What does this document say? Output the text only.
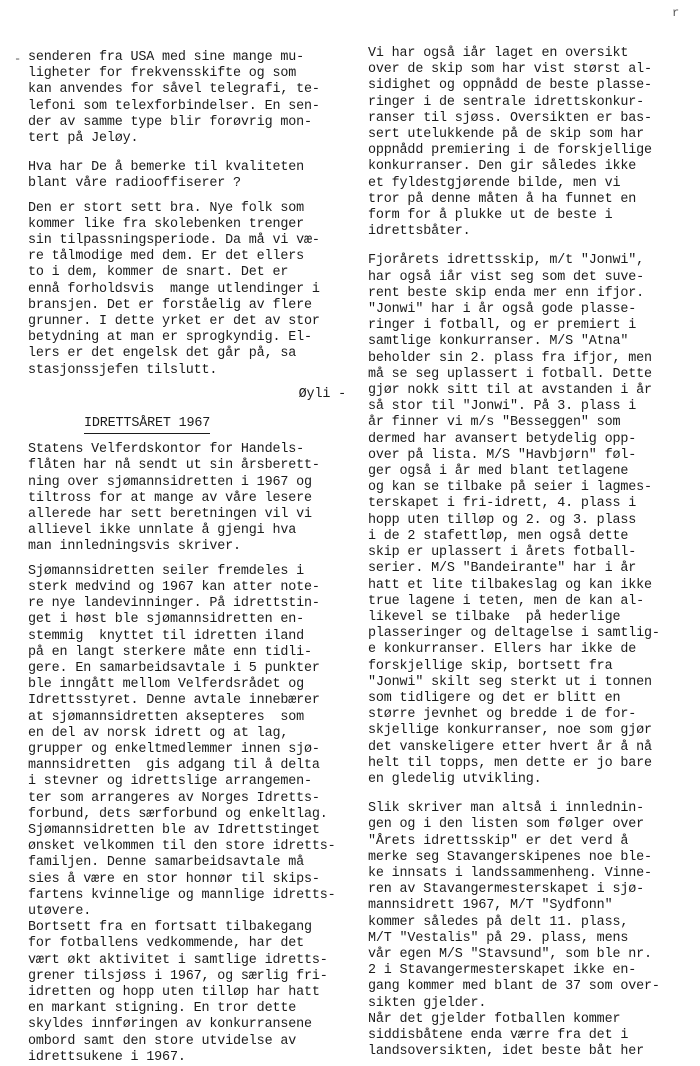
-
r

senderen fra USA med sine mange mu-
ligheter for frekvensskifte og som
kan anvendes for såvel telegrafi, te-
lefoni som telexforbindelser. En sen-
der av samme type blir forøvrig mon-
tert på Jeløy.

Hva har De å bemerke til kvaliteten
blant våre radiooffiserer ?

Den er stort sett bra. Nye folk som
kommer like fra skolebenken trenger
sin tilpassningsperiode. Da må vi væ-
re tålmodige med dem. Er det ellers
to i dem, kommer de snart. Det er
ennå forholdsvis  mange utlendinger i
bransjen. Det er forståelig av flere
grunner. I dette yrket er det av stor
betydning at man er sprogkyndig. El-
lers er det engelsk det går på, sa
stasjonssjefen tilslutt.

Øyli -

IDRETTSÅRET 1967

Statens Velferdskontor for Handels-
flåten har nå sendt ut sin årsberett-
ning over sjømannsidretten i 1967 og
tiltross for at mange av våre lesere
allerede har sett beretningen vil vi
allievel ikke unnlate å gjengi hva
man innledningsvis skriver.

Sjømannsidretten seiler fremdeles i
sterk medvind og 1967 kan atter note-
re nye landevinninger. På idrettstin-
get i høst ble sjømannsidretten en-
stemmig  knyttet til idretten iland
på en langt sterkere måte enn tidli-
gere. En samarbeidsavtale i 5 punkter
ble inngått mellom Velferdsrådet og
Idrettsstyret. Denne avtale innebærer
at sjømannsidretten aksepteres  som
en del av norsk idrett og at lag,
grupper og enkeltmedlemmer innen sjø-
mannsidretten  gis adgang til å delta
i stevner og idrettslige arrangemen-
ter som arrangeres av Norges Idretts-
forbund, dets særforbund og enkeltlag.
Sjømannsidretten ble av Idrettstinget
ønsket velkommen til den store idretts-
familjen. Denne samarbeidsavtale må
sies å være en stor honnør til skips-
fartens kvinnelige og mannlige idretts-
utøvere.

Bortsett fra en fortsatt tilbakegang
for fotballens vedkommende, har det
vært økt aktivitet i samtlige idretts-
grener tilsjøss i 1967, og særlig fri-
idretten og hopp uten tilløp har hatt
en markant stigning. En tror dette
skyldes innføringen av konkurransene
ombord samt den store utvidelse av
idrettsukene i 1967.

Vi har også iår laget en oversikt
over de skip som har vist størst al-
sidighet og oppnådd de beste plasse-
ringer i de sentrale idrettskonkur-
ranser til sjøss. Oversikten er bas-
sert utelukkende på de skip som har
oppnådd premiering i de forskjellige
konkurranser. Den gir således ikke
et fyldestgjørende bilde, men vi
tror på denne måten å ha funnet en
form for å plukke ut de beste i
idrettsbåter.

Fjorårets idrettsskip, m/t "Jonwi",
har også iår vist seg som det suve-
rent beste skip enda mer enn ifjor.
"Jonwi" har i år også gode plasse-
ringer i fotball, og er premiert i
samtlige konkurranser. M/S "Atna"
beholder sin 2. plass fra ifjor, men
må se seg uplassert i fotball. Dette
gjør nokk sitt til at avstanden i år
så stor til "Jonwi". På 3. plass i
år finner vi m/s "Besseggen" som
dermed har avansert betydelig opp-
over på lista. M/S "Havbjørn" føl-
ger også i år med blant tetlagene
og kan se tilbake på seier i lagmes-
terskapet i fri-idrett, 4. plass i
hopp uten tilløp og 2. og 3. plass
i de 2 stafettløp, men også dette
skip er uplassert i årets fotball-
serier. M/S "Bandeirante" har i år
hatt et lite tilbakeslag og kan ikke
true lagene i teten, men de kan al-
likevel se tilbake  på hederlige
plasseringer og deltagelse i samtlig-
e konkurranser. Ellers har ikke de
forskjellige skip, bortsett fra
"Jonwi" skilt seg sterkt ut i tonnen
som tidligere og det er blitt en
større jevnhet og bredde i de for-
skjellige konkurranser, noe som gjør
det vanskeligere etter hvert år å nå
helt til topps, men dette er jo bare
en gledelig utvikling.

Slik skriver man altså i innlednin-
gen og i den listen som følger over
"Årets idrettsskip" er det verd å
merke seg Stavangerskipenes noe ble-
ke innsats i landssammenheng. Vinne-
ren av Stavangermesterskapet i sjø-
mannsidrett 1967, M/T "Sydfonn"
kommer således på delt 11. plass,
M/T "Vestalis" på 29. plass, mens
vår egen M/S "Stavsund", som ble nr.
2 i Stavangermesterskapet ikke en-
gang kommer med blant de 37 som over-
sikten gjelder.

Når det gjelder fotballen kommer
siddisbåtene enda værre fra det i
landsoversikten, idet beste båt her
